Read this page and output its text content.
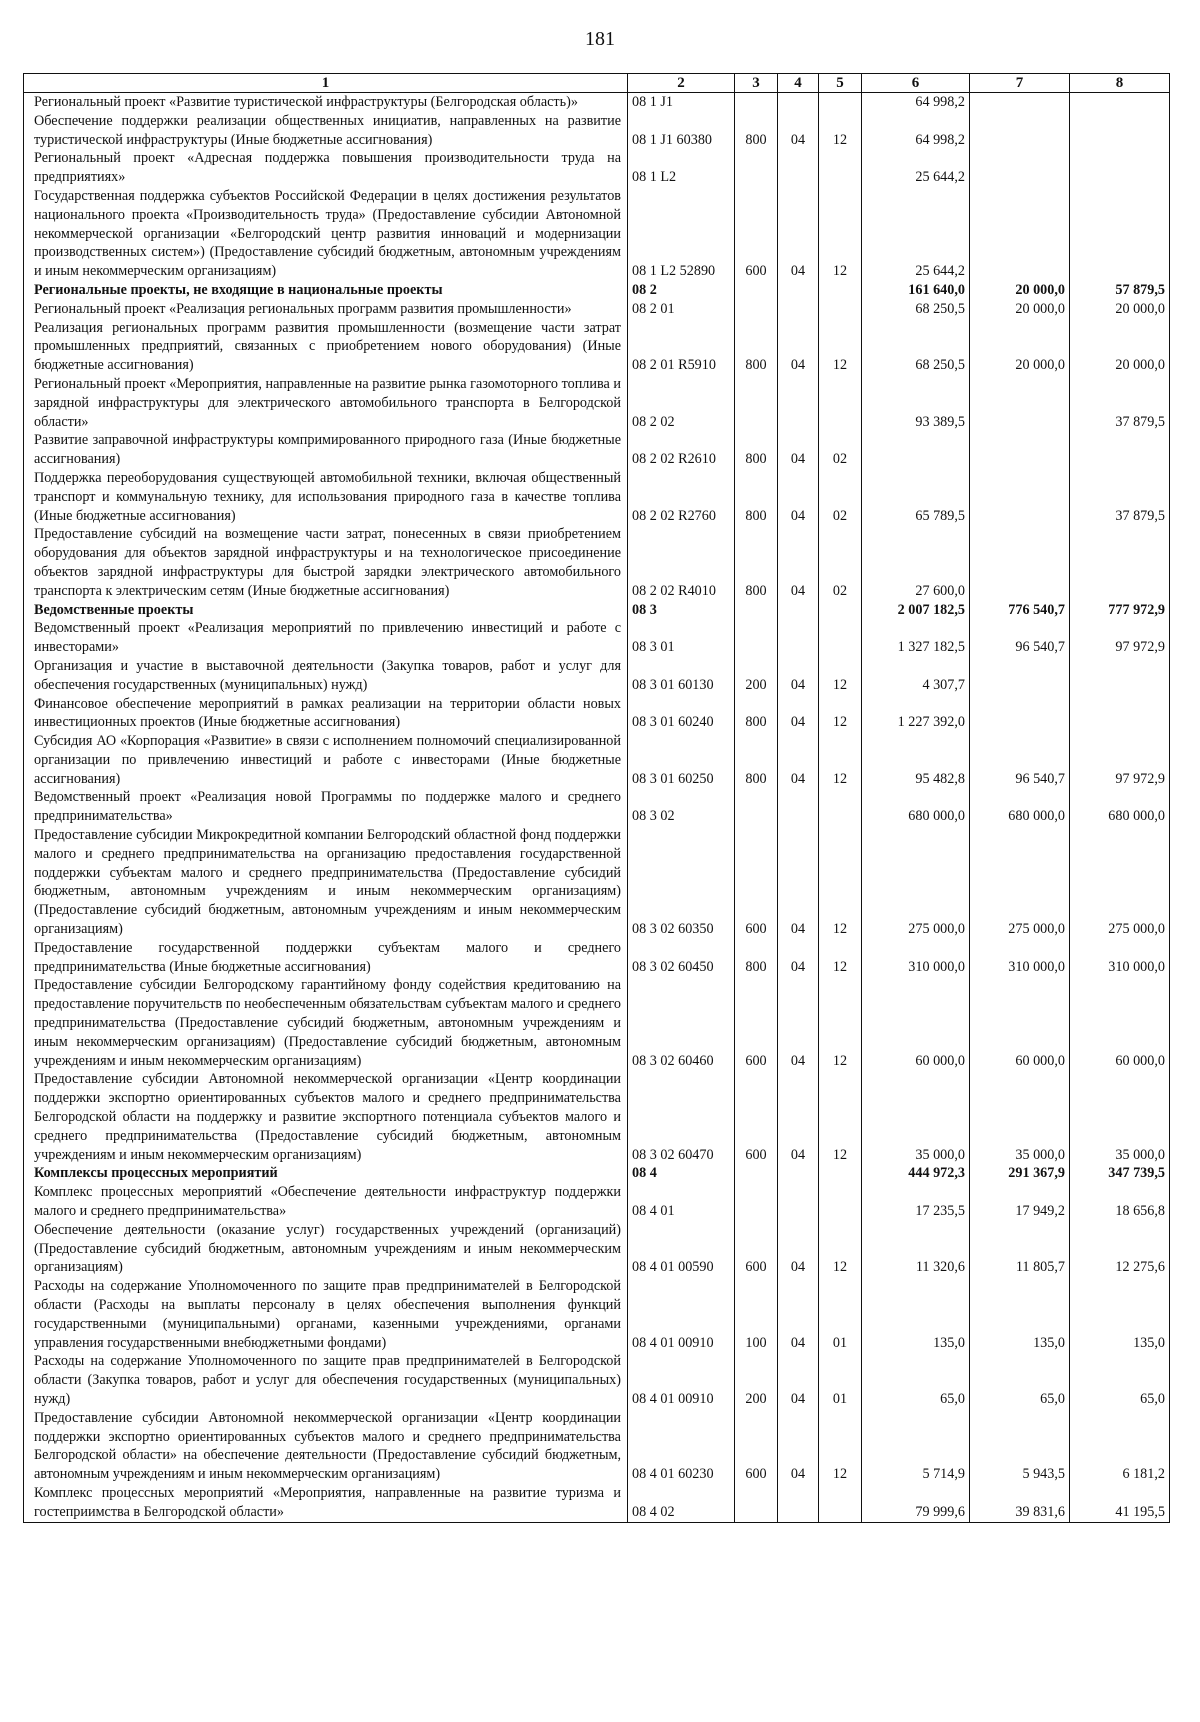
181
1	2	3	4	5	6	7	8
Региональный проект «Развитие туристической инфраструктуры (Белгородская область)»	08 1 J1				64 998,2		
Обеспечение поддержки реализации общественных инициатив, направленных на развитие туристической инфраструктуры (Иные бюджетные ассигнования)	08 1 J1 60380	800	04	12	64 998,2		
Региональный проект «Адресная поддержка повышения производительности труда на предприятиях»	08 1 L2				25 644,2		
Государственная поддержка субъектов Российской Федерации в целях достижения результатов национального проекта «Производительность труда» (Предоставление субсидии Автономной некоммерческой организации «Белгородский центр развития инноваций и модернизации производственных систем») (Предоставление субсидий бюджетным, автономным учреждениям и иным некоммерческим организациям)	08 1 L2 52890	600	04	12	25 644,2		
Региональные проекты, не входящие в национальные проекты	08 2				161 640,0	20 000,0	57 879,5
Региональный проект «Реализация региональных программ развития промышленности»	08 2 01				68 250,5	20 000,0	20 000,0
Реализация региональных программ развития промышленности (возмещение части затрат промышленных предприятий, связанных с приобретением нового оборудования) (Иные бюджетные ассигнования)	08 2 01 R5910	800	04	12	68 250,5	20 000,0	20 000,0
Региональный проект «Мероприятия, направленные на развитие рынка газомоторного топлива и зарядной инфраструктуры для электрического автомобильного транспорта в Белгородской области»	08 2 02				93 389,5		37 879,5
Развитие заправочной инфраструктуры компримированного природного газа (Иные бюджетные ассигнования)	08 2 02 R2610	800	04	02			
Поддержка переоборудования существующей автомобильной техники, включая общественный транспорт и коммунальную технику, для использования природного газа в качестве топлива (Иные бюджетные ассигнования)	08 2 02 R2760	800	04	02	65 789,5		37 879,5
Предоставление субсидий на возмещение части затрат, понесенных в связи приобретением оборудования для объектов зарядной инфраструктуры и на технологическое присоединение объектов зарядной инфраструктуры для быстрой зарядки электрического автомобильного транспорта к электрическим сетям (Иные бюджетные ассигнования)	08 2 02 R4010	800	04	02	27 600,0		
Ведомственные проекты	08 3				2 007 182,5	776 540,7	777 972,9
Ведомственный проект «Реализация мероприятий по привлечению инвестиций и работе с инвесторами»	08 3 01				1 327 182,5	96 540,7	97 972,9
Организация и участие в выставочной деятельности (Закупка товаров, работ и услуг для обеспечения государственных (муниципальных) нужд)	08 3 01 60130	200	04	12	4 307,7		
Финансовое обеспечение мероприятий в рамках реализации на территории области новых инвестиционных проектов (Иные бюджетные ассигнования)	08 3 01 60240	800	04	12	1 227 392,0		
Субсидия АО «Корпорация «Развитие» в связи с исполнением полномочий специализированной организации по привлечению инвестиций и работе с инвесторами (Иные бюджетные ассигнования)	08 3 01 60250	800	04	12	95 482,8	96 540,7	97 972,9
Ведомственный проект «Реализация новой Программы по поддержке малого и среднего предпринимательства»	08 3 02				680 000,0	680 000,0	680 000,0
Предоставление субсидии Микрокредитной компании Белгородский областной фонд поддержки малого и среднего предпринимательства на организацию предоставления государственной поддержки субъектам малого и среднего предпринимательства (Предоставление субсидий бюджетным, автономным учреждениям и иным некоммерческим организациям) (Предоставление субсидий бюджетным, автономным учреждениям и иным некоммерческим организациям)	08 3 02 60350	600	04	12	275 000,0	275 000,0	275 000,0
Предоставление государственной поддержки субъектам малого и среднего предпринимательства (Иные бюджетные ассигнования)	08 3 02 60450	800	04	12	310 000,0	310 000,0	310 000,0
Предоставление субсидии Белгородскому гарантийному фонду содействия кредитованию на предоставление поручительств по необеспеченным обязательствам субъектам малого и среднего предпринимательства (Предоставление субсидий бюджетным, автономным учреждениям и иным некоммерческим организациям) (Предоставление субсидий бюджетным, автономным учреждениям и иным некоммерческим организациям)	08 3 02 60460	600	04	12	60 000,0	60 000,0	60 000,0
Предоставление субсидии Автономной некоммерческой организации «Центр координации поддержки экспортно ориентированных субъектов малого и среднего предпринимательства Белгородской области на поддержку и развитие экспортного потенциала субъектов малого и среднего предпринимательства (Предоставление субсидий бюджетным, автономным учреждениям и иным некоммерческим организациям)	08 3 02 60470	600	04	12	35 000,0	35 000,0	35 000,0
Комплексы процессных мероприятий	08 4				444 972,3	291 367,9	347 739,5
Комплекс процессных мероприятий «Обеспечение деятельности инфраструктур поддержки малого и среднего предпринимательства»	08 4 01				17 235,5	17 949,2	18 656,8
Обеспечение деятельности (оказание услуг) государственных учреждений (организаций) (Предоставление субсидий бюджетным, автономным учреждениям и иным некоммерческим организациям)	08 4 01 00590	600	04	12	11 320,6	11 805,7	12 275,6
Расходы на содержание Уполномоченного по защите прав предпринимателей в Белгородской области (Расходы на выплаты персоналу в целях обеспечения выполнения функций государственными (муниципальными) органами, казенными учреждениями, органами управления государственными внебюджетными фондами)	08 4 01 00910	100	04	01	135,0	135,0	135,0
Расходы на содержание Уполномоченного по защите прав предпринимателей в Белгородской области (Закупка товаров, работ и услуг для обеспечения государственных (муниципальных) нужд)	08 4 01 00910	200	04	01	65,0	65,0	65,0
Предоставление субсидии Автономной некоммерческой организации «Центр координации поддержки экспортно ориентированных субъектов малого и среднего предпринимательства Белгородской области» на обеспечение деятельности (Предоставление субсидий бюджетным, автономным учреждениям и иным некоммерческим организациям)	08 4 01 60230	600	04	12	5 714,9	5 943,5	6 181,2
Комплекс процессных мероприятий «Мероприятия, направленные на развитие туризма и гостеприимства в Белгородской области»	08 4 02				79 999,6	39 831,6	41 195,5
